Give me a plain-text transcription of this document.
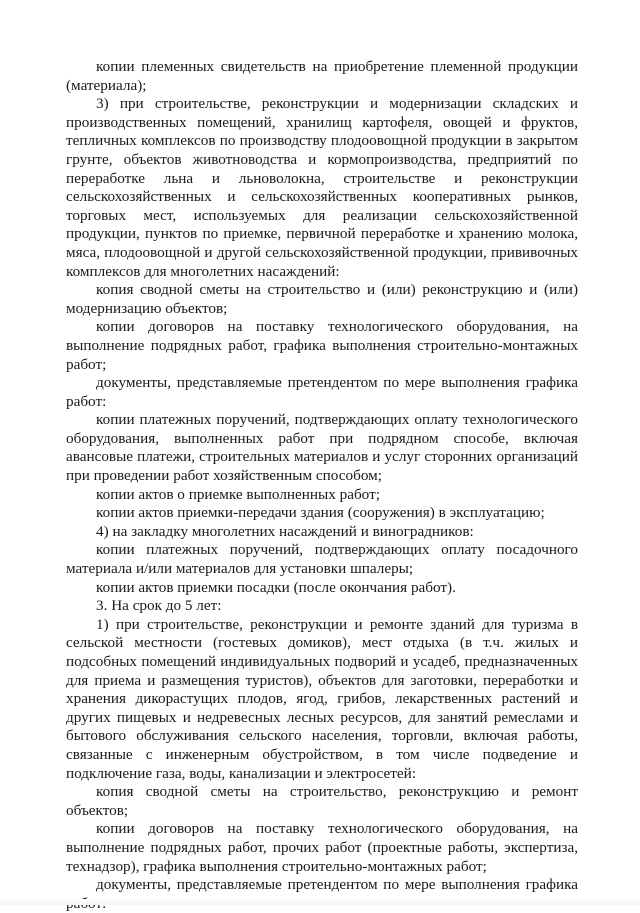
копии племенных свидетельств на приобретение племенной продукции (материала);

3) при строительстве, реконструкции и модернизации складских и производственных помещений, хранилищ картофеля, овощей и фруктов, тепличных комплексов по производству плодоовощной продукции в закрытом грунте, объектов животноводства и кормопроизводства, предприятий по переработке льна и льноволокна, строительстве и реконструкции сельскохозяйственных и сельскохозяйственных кооперативных рынков, торговых мест, используемых для реализации сельскохозяйственной продукции, пунктов по приемке, первичной переработке и хранению молока, мяса, плодоовощной и другой сельскохозяйственной продукции, прививочных комплексов для многолетних насаждений:

копия сводной сметы на строительство и (или) реконструкцию и (или) модернизацию объектов;

копии договоров на поставку технологического оборудования, на выполнение подрядных работ, графика выполнения строительно-монтажных работ;

документы, представляемые претендентом по мере выполнения графика работ:

копии платежных поручений, подтверждающих оплату технологического оборудования, выполненных работ при подрядном способе, включая авансовые платежи, строительных материалов и услуг сторонних организаций при проведении работ хозяйственным способом;

копии актов о приемке выполненных работ;

копии актов приемки-передачи здания (сооружения) в эксплуатацию;

4) на закладку многолетних насаждений и виноградников:

копии платежных поручений, подтверждающих оплату посадочного материала и/или материалов для установки шпалеры;

копии актов приемки посадки (после окончания работ).

3. На срок до 5 лет:

1) при строительстве, реконструкции и ремонте зданий для туризма в сельской местности (гостевых домиков), мест отдыха (в т.ч. жилых и подсобных помещений индивидуальных подворий и усадеб, предназначенных для приема и размещения туристов), объектов для заготовки, переработки и хранения дикорастущих плодов, ягод, грибов, лекарственных растений и других пищевых и недревесных лесных ресурсов, для занятий ремеслами и бытового обслуживания сельского населения, торговли, включая работы, связанные с инженерным обустройством, в том числе подведение и подключение газа, воды, канализации и электросетей:

копия сводной сметы на строительство, реконструкцию и ремонт объектов;

копии договоров на поставку технологического оборудования, на выполнение подрядных работ, прочих работ (проектные работы, экспертиза, технадзор), графика выполнения строительно-монтажных работ;

документы, представляемые претендентом по мере выполнения графика
